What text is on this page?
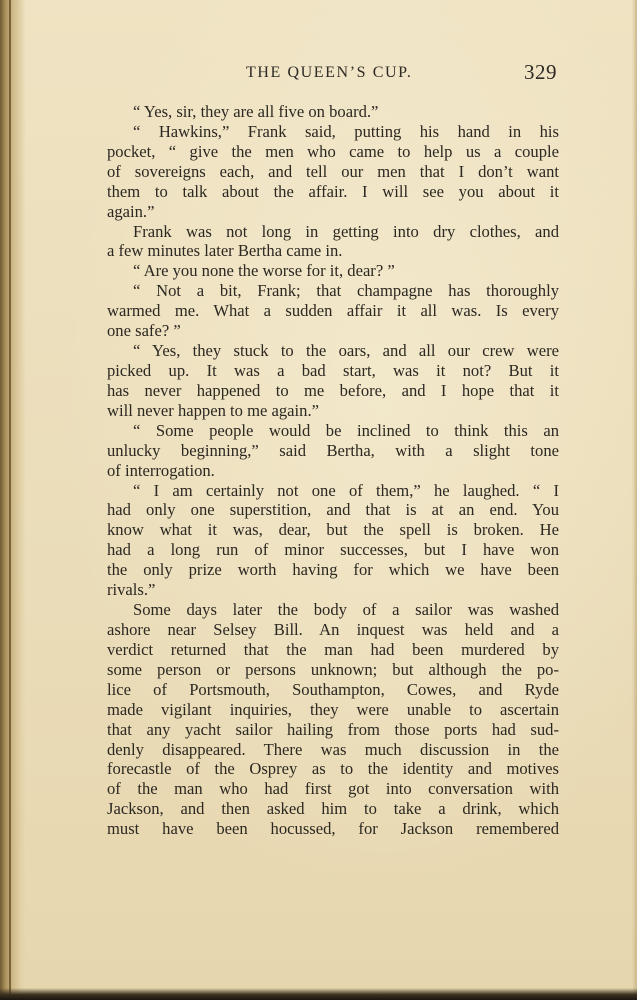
THE QUEEN’S CUP.	329
“ Yes, sir, they are all five on board.”
“ Hawkins,” Frank said, putting his hand in his
pocket, “ give the men who came to help us a couple
of sovereigns each, and tell our men that I don’t want
them to talk about the affair. I will see you about it
again.”
Frank was not long in getting into dry clothes, and
a few minutes later Bertha came in.
“ Are you none the worse for it, dear? ”
“ Not a bit, Frank; that champagne has thoroughly
warmed me. What a sudden affair it all was. Is every
one safe? ”
“ Yes, they stuck to the oars, and all our crew were
picked up. It was a bad start, was it not? But it
has never happened to me before, and I hope that it
will never happen to me again.”
“ Some people would be inclined to think this an
unlucky beginning,” said Bertha, with a slight tone
of interrogation.
“ I am certainly not one of them,” he laughed. “ I
had only one superstition, and that is at an end. You
know what it was, dear, but the spell is broken. He
had a long run of minor successes, but I have won
the only prize worth having for which we have been
rivals.”
Some days later the body of a sailor was washed
ashore near Selsey Bill. An inquest was held and a
verdict returned that the man had been murdered by
some person or persons unknown; but although the po-
lice of Portsmouth, Southampton, Cowes, and Ryde
made vigilant inquiries, they were unable to ascertain
that any yacht sailor hailing from those ports had sud-
denly disappeared. There was much discussion in the
forecastle of the Osprey as to the identity and motives
of the man who had first got into conversation with
Jackson, and then asked him to take a drink, which
must have been hocussed, for Jackson remembered
